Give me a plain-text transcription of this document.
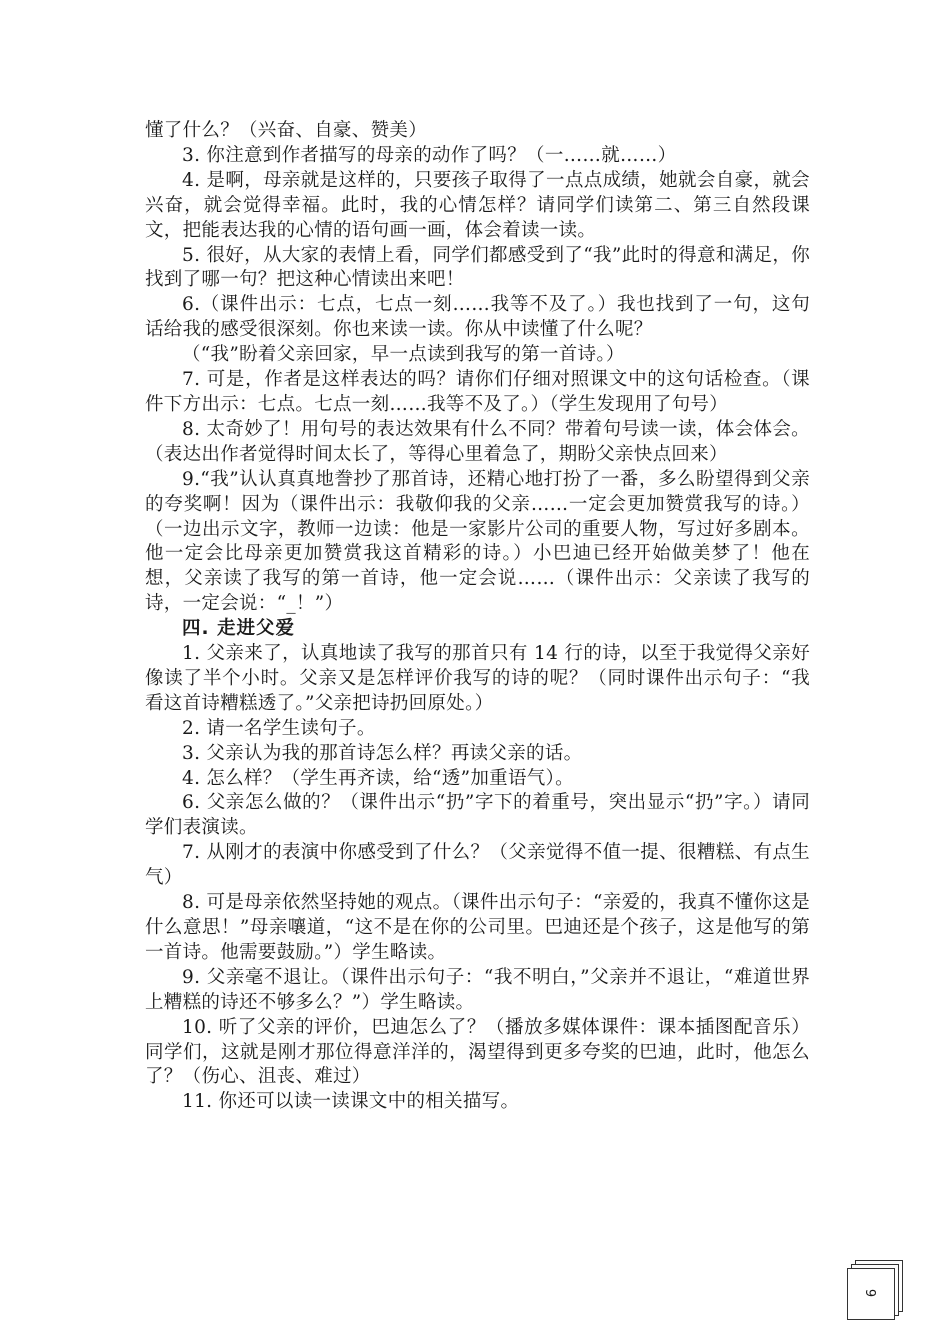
懂了什么？（兴奋、自豪、赞美）

3. 你注意到作者描写的母亲的动作了吗？（一……就……）

4. 是啊，母亲就是这样的，只要孩子取得了一点点成绩，她就会自豪，就会兴奋，就会觉得幸福。此时，我的心情怎样？请同学们读第二、第三自然段课文，把能表达我的心情的语句画一画，体会着读一读。

5. 很好，从大家的表情上看，同学们都感受到了“我”此时的得意和满足，你找到了哪一句？把这种心情读出来吧！

6.（课件出示：七点，七点一刻……我等不及了。）我也找到了一句，这句话给我的感受很深刻。你也来读一读。你从中读懂了什么呢？

（“我”盼着父亲回家，早一点读到我写的第一首诗。）

7. 可是，作者是这样表达的吗？请你们仔细对照课文中的这句话检查。（课件下方出示：七点。七点一刻……我等不及了。）（学生发现用了句号）

8. 太奇妙了！用句号的表达效果有什么不同？带着句号读一读，体会体会。（表达出作者觉得时间太长了，等得心里着急了，期盼父亲快点回来）

9.“我”认认真真地誊抄了那首诗，还精心地打扮了一番，多么盼望得到父亲的夸奖啊！因为（课件出示：我敬仰我的父亲……一定会更加赞赏我写的诗。）（一边出示文字，教师一边读：他是一家影片公司的重要人物，写过好多剧本。他一定会比母亲更加赞赏我这首精彩的诗。）小巴迪已经开始做美梦了！他在想，父亲读了我写的第一首诗，他一定会说……（课件出示：父亲读了我写的诗，一定会说：“_！”）

四. 走进父爱

1. 父亲来了，认真地读了我写的那首只有 14 行的诗，以至于我觉得父亲好像读了半个小时。父亲又是怎样评价我写的诗的呢？（同时课件出示句子：“我看这首诗糟糕透了。”父亲把诗扔回原处。）

2. 请一名学生读句子。

3. 父亲认为我的那首诗怎么样？再读父亲的话。

4. 怎么样？（学生再齐读，给“透”加重语气）。

6. 父亲怎么做的？（课件出示“扔”字下的着重号，突出显示“扔”字。）请同学们表演读。

7. 从刚才的表演中你感受到了什么？（父亲觉得不值一提、很糟糕、有点生气）

8. 可是母亲依然坚持她的观点。（课件出示句子：“亲爱的，我真不懂你这是什么意思！”母亲嚷道，“这不是在你的公司里。巴迪还是个孩子，这是他写的第一首诗。他需要鼓励。”）学生略读。

9. 父亲毫不退让。（课件出示句子：“我不明白，”父亲并不退让，“难道世界上糟糕的诗还不够多么？”）学生略读。

10. 听了父亲的评价，巴迪怎么了？（播放多媒体课件：课本插图配音乐）同学们，这就是刚才那位得意洋洋的，渴望得到更多夸奖的巴迪，此时，他怎么了？（伤心、沮丧、难过）

11. 你还可以读一读课文中的相关描写。

9
